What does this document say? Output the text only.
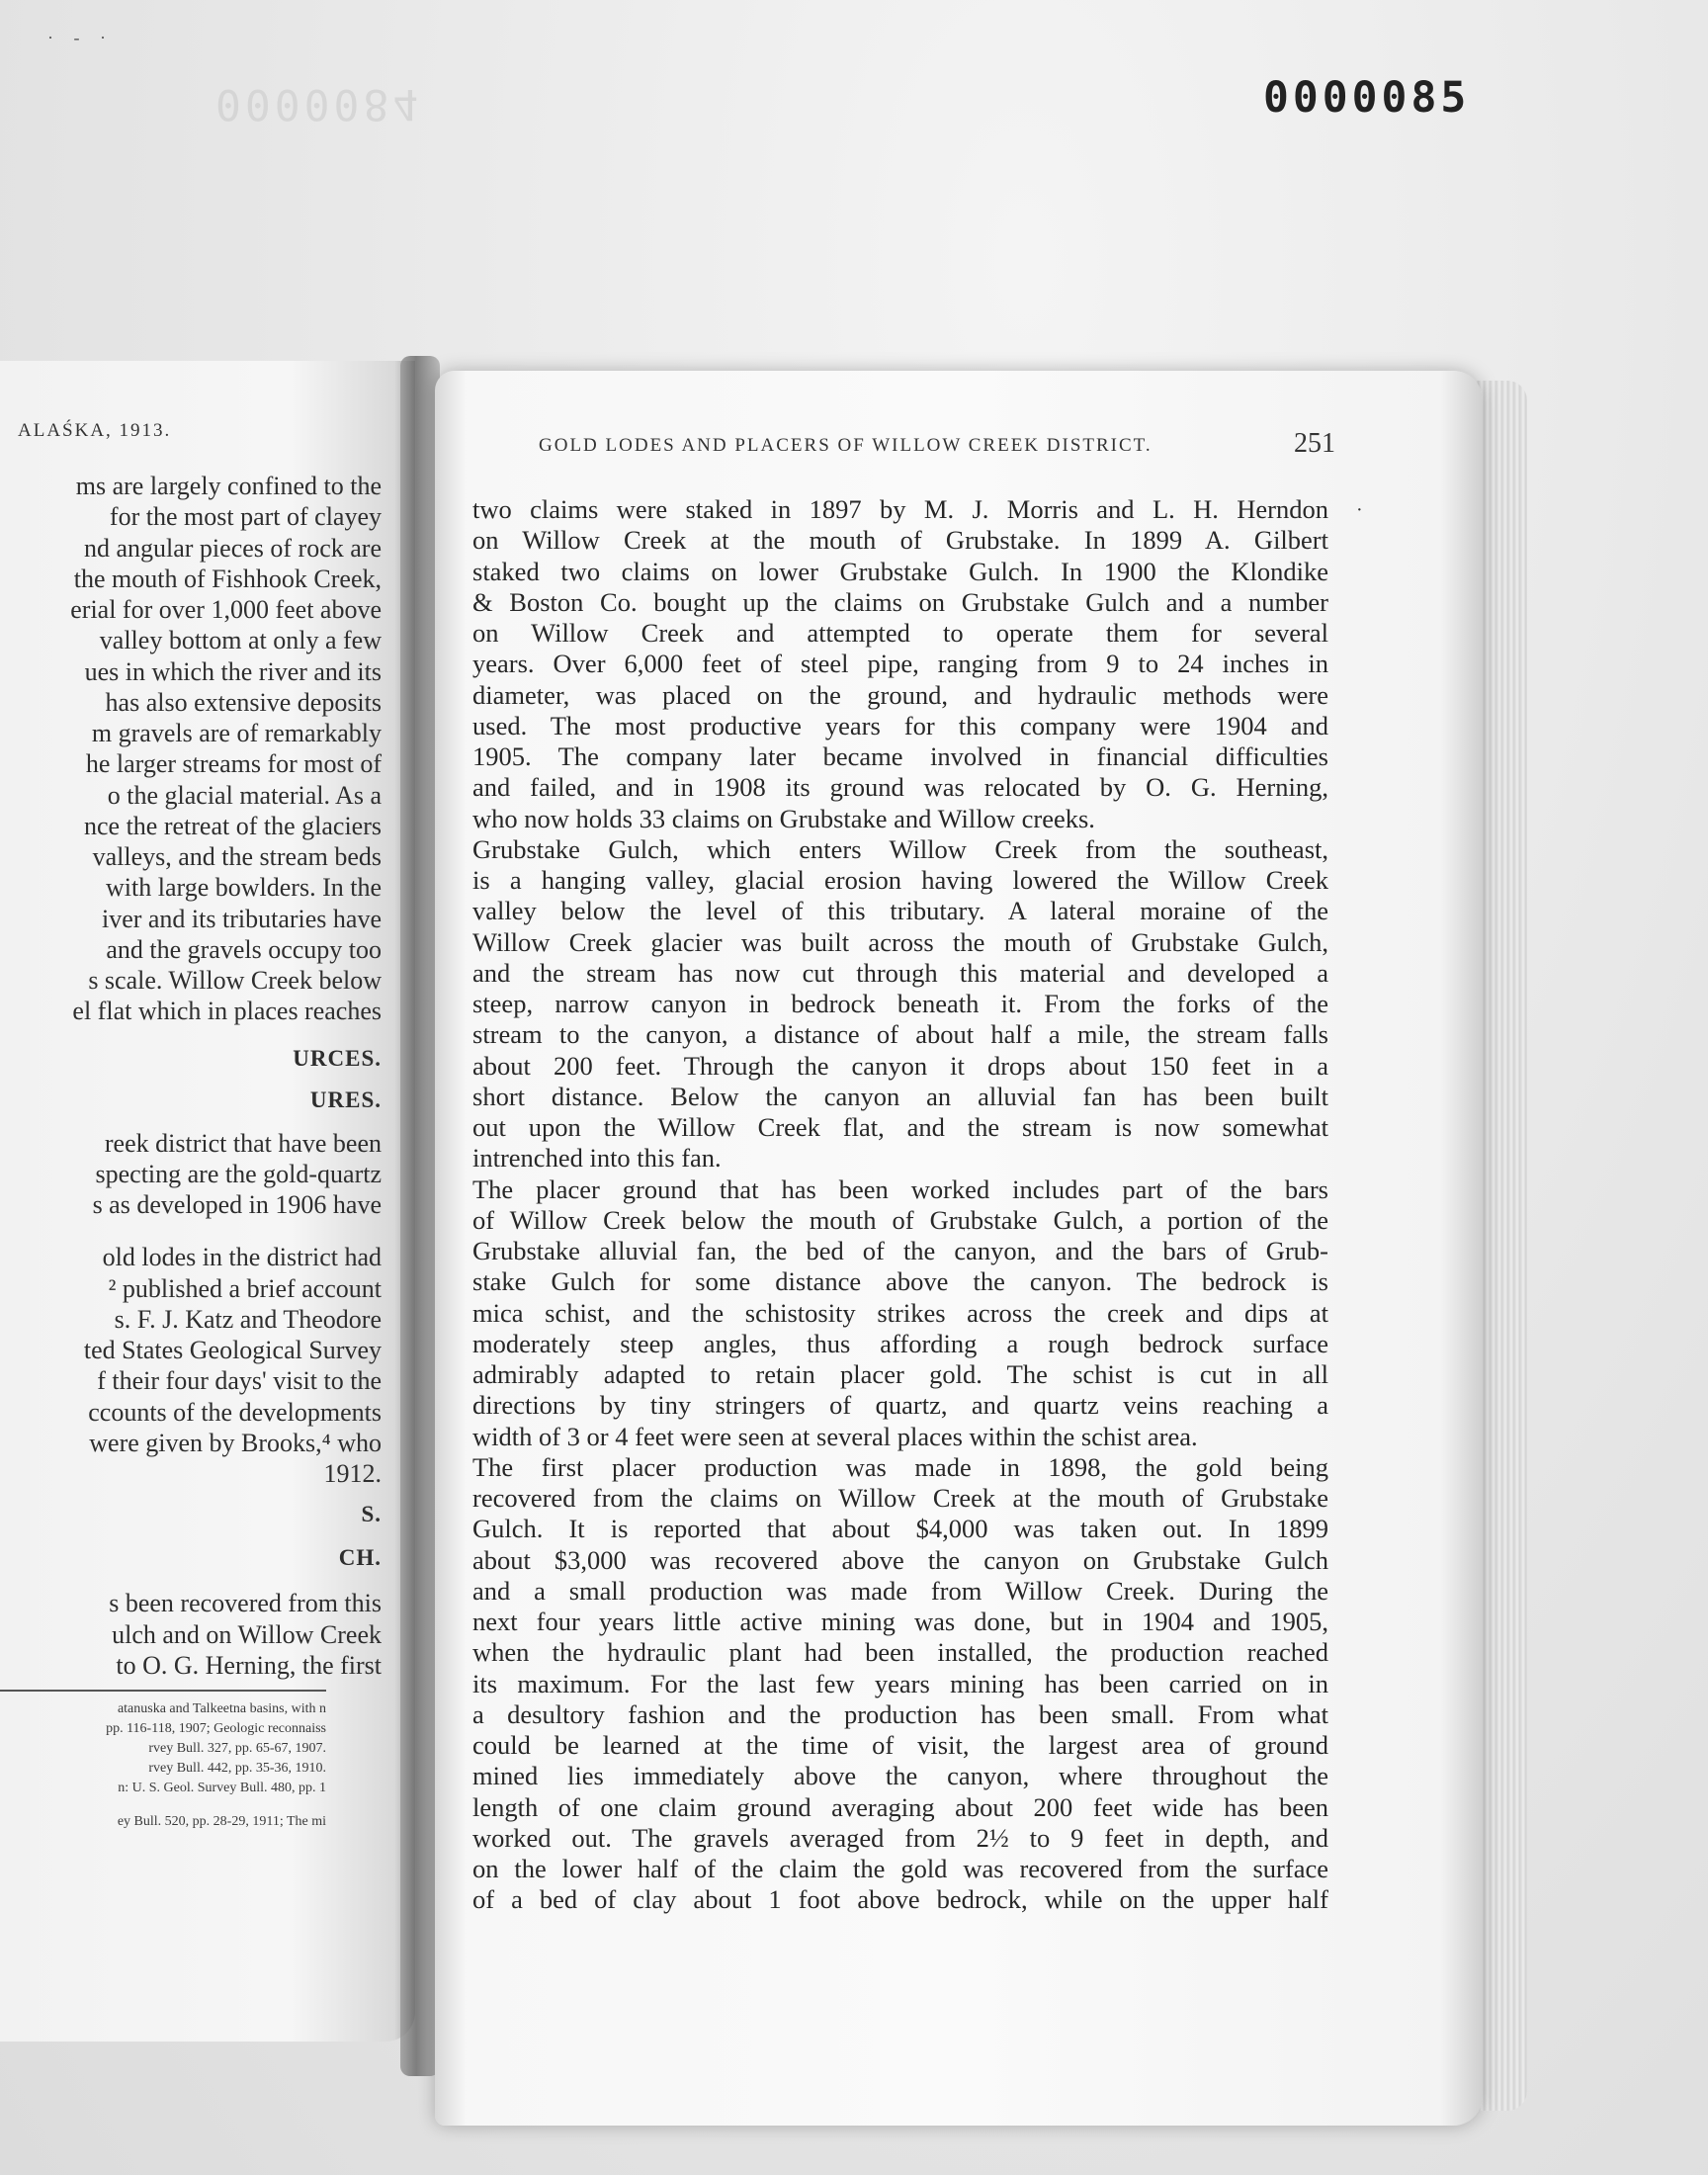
· - ·
0000084	0000085
ALAŚKA, 1913.
ms are largely confined to the
for the most part of clayey
nd angular pieces of rock are
the mouth of Fishhook Creek,
erial for over 1,000 feet above
valley bottom at only a few
ues in which the river and its
has also extensive deposits
m gravels are of remarkably
he larger streams for most of
o the glacial material. As a
nce the retreat of the glaciers
valleys, and the stream beds
with large bowlders. In the
iver and its tributaries have
and the gravels occupy too
s scale. Willow Creek below
el flat which in places reaches
URCES.
URES.
reek district that have been
specting are the gold-quartz
s as developed in 1906 have
old lodes in the district had
² published a brief account
s. F. J. Katz and Theodore
ted States Geological Survey
f their four days' visit to the
ccounts of the developments
were given by Brooks,⁴ who
1912.
S.
CH.
s been recovered from this
ulch and on Willow Creek
to O. G. Herning, the first
atanuska and Talkeetna basins, with n
pp. 116-118, 1907; Geologic reconnaiss
rvey Bull. 327, pp. 65-67, 1907.
rvey Bull. 442, pp. 35-36, 1910.
n: U. S. Geol. Survey Bull. 480, pp. 1
ey Bull. 520, pp. 28-29, 1911; The mi
GOLD LODES AND PLACERS OF WILLOW CREEK DISTRICT.	251
·
two claims were staked in 1897 by M. J. Morris and L. H. Herndon
on Willow Creek at the mouth of Grubstake. In 1899 A. Gilbert
staked two claims on lower Grubstake Gulch. In 1900 the Klondike
& Boston Co. bought up the claims on Grubstake Gulch and a number
on Willow Creek and attempted to operate them for several
years. Over 6,000 feet of steel pipe, ranging from 9 to 24 inches in
diameter, was placed on the ground, and hydraulic methods were
used. The most productive years for this company were 1904 and
1905. The company later became involved in financial difficulties
and failed, and in 1908 its ground was relocated by O. G. Herning,
who now holds 33 claims on Grubstake and Willow creeks.
Grubstake Gulch, which enters Willow Creek from the southeast,
is a hanging valley, glacial erosion having lowered the Willow Creek
valley below the level of this tributary. A lateral moraine of the
Willow Creek glacier was built across the mouth of Grubstake Gulch,
and the stream has now cut through this material and developed a
steep, narrow canyon in bedrock beneath it. From the forks of the
stream to the canyon, a distance of about half a mile, the stream falls
about 200 feet. Through the canyon it drops about 150 feet in a
short distance. Below the canyon an alluvial fan has been built
out upon the Willow Creek flat, and the stream is now somewhat
intrenched into this fan.
The placer ground that has been worked includes part of the bars
of Willow Creek below the mouth of Grubstake Gulch, a portion of the
Grubstake alluvial fan, the bed of the canyon, and the bars of Grub-
stake Gulch for some distance above the canyon. The bedrock is
mica schist, and the schistosity strikes across the creek and dips at
moderately steep angles, thus affording a rough bedrock surface
admirably adapted to retain placer gold. The schist is cut in all
directions by tiny stringers of quartz, and quartz veins reaching a
width of 3 or 4 feet were seen at several places within the schist area.
The first placer production was made in 1898, the gold being
recovered from the claims on Willow Creek at the mouth of Grubstake
Gulch. It is reported that about $4,000 was taken out. In 1899
about $3,000 was recovered above the canyon on Grubstake Gulch
and a small production was made from Willow Creek. During the
next four years little active mining was done, but in 1904 and 1905,
when the hydraulic plant had been installed, the production reached
its maximum. For the last few years mining has been carried on in
a desultory fashion and the production has been small. From what
could be learned at the time of visit, the largest area of ground
mined lies immediately above the canyon, where throughout the
length of one claim ground averaging about 200 feet wide has been
worked out. The gravels averaged from 2½ to 9 feet in depth, and
on the lower half of the claim the gold was recovered from the surface
of a bed of clay about 1 foot above bedrock, while on the upper half
